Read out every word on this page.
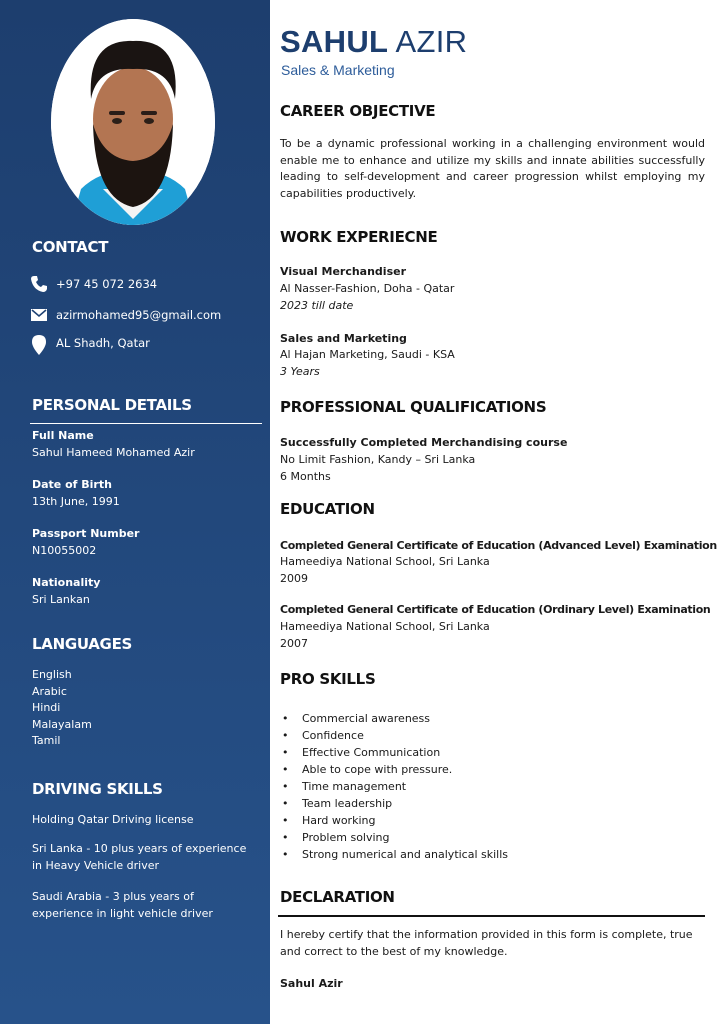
CONTACT
+97 45 072 2634
azirmohamed95@gmail.com
AL Shadh, Qatar
PERSONAL DETAILS
Full Name
Sahul Hameed Mohamed Azir
Date of Birth
13th June, 1991
Passport Number
N10055002
Nationality
Sri Lankan
LANGUAGES
English
Arabic
Hindi
Malayalam
Tamil
DRIVING SKILLS
Holding Qatar Driving license
Sri Lanka - 10 plus years of experience in Heavy Vehicle driver
Saudi Arabia - 3 plus years of experience in light vehicle driver
SAHUL AZIR
Sales & Marketing
CAREER OBJECTIVE
To be a dynamic professional working in a challenging environment would enable me to enhance and utilize my skills and innate abilities successfully leading to self-development and career progression whilst employing my capabilities productively.
WORK EXPERIECNE
Visual Merchandiser
Al Nasser-Fashion, Doha - Qatar
2023 till date
Sales and Marketing
Al Hajan Marketing, Saudi - KSA
3 Years
PROFESSIONAL QUALIFICATIONS
Successfully Completed Merchandising course
No Limit Fashion, Kandy – Sri Lanka
6 Months
EDUCATION
Completed General Certificate of Education (Advanced Level) Examination
Hameediya National School, Sri Lanka
2009
Completed General Certificate of Education (Ordinary Level) Examination
Hameediya National School, Sri Lanka
2007
PRO SKILLS
• Commercial awareness
• Confidence
• Effective Communication
• Able to cope with pressure.
• Time management
• Team leadership
• Hard working
• Problem solving
• Strong numerical and analytical skills
DECLARATION
I hereby certify that the information provided in this form is complete, true and correct to the best of my knowledge.
Sahul Azir
